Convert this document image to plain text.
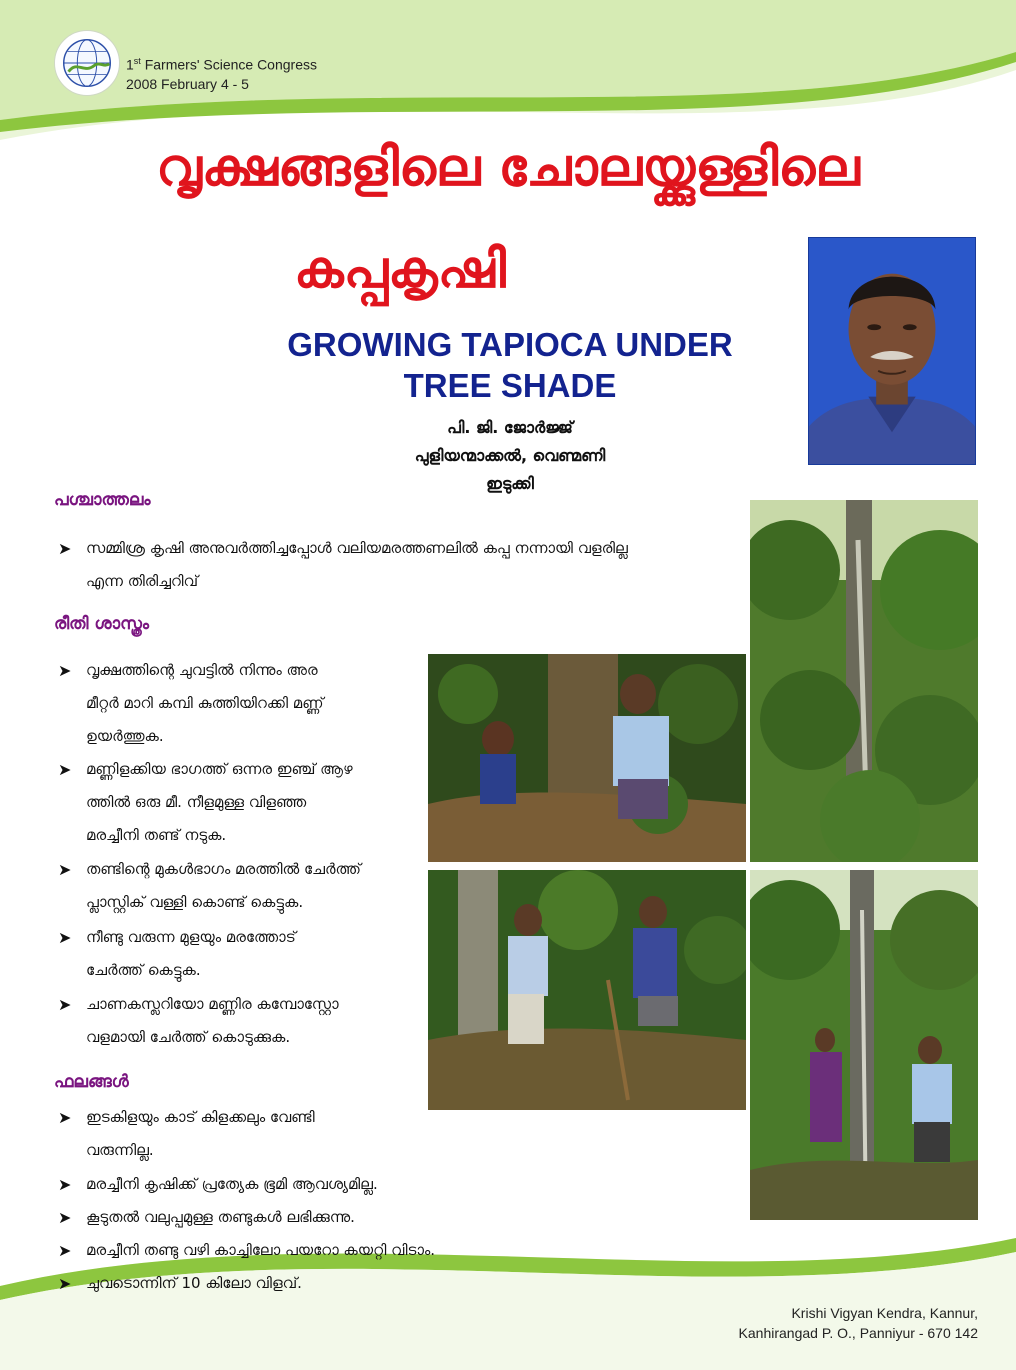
1st Farmers' Science Congress
2008 February 4 - 5
വൃക്ഷങ്ങളിലെ ചോലയ്ക്കുള്ളിലെ
കപ്പകൃഷി
GROWING TAPIOCA UNDER
TREE SHADE
പി. ജി. ജോർജ്ജ്
പുളിയന്മാക്കൽ, വെണ്മണി
ഇടുക്കി
പശ്ചാത്തലം
➤ സമ്മിശ്ര കൃഷി അനുവർത്തിച്ചപ്പോൾ വലിയമരത്തണലിൽ കപ്പ നന്നായി വളരില്ല
എന്ന തിരിച്ചറിവ്
രീതി ശാസ്ത്രം
➤ വൃക്ഷത്തിന്റെ ചുവട്ടിൽ നിന്നും അര
മീറ്റർ മാറി കമ്പി കുത്തിയിറക്കി മണ്ണ്
ഉയർത്തുക.
➤ മണ്ണിളക്കിയ ഭാഗത്ത് ഒന്നര ഇഞ്ച് ആഴ
ത്തിൽ ഒരു മീ. നീളമുള്ള വിളഞ്ഞ
മരച്ചീനി തണ്ട് നടുക.
➤ തണ്ടിന്റെ മുകൾഭാഗം മരത്തിൽ ചേർത്ത്
പ്ലാസ്റ്റിക് വള്ളി കൊണ്ട് കെട്ടുക.
➤ നീണ്ടു വരുന്ന മുളയും മരത്തോട്
ചേർത്ത് കെട്ടുക.
➤ ചാണകസ്ലറിയോ മണ്ണിര കമ്പോസ്റ്റോ
വളമായി ചേർത്ത് കൊടുക്കുക.
ഫലങ്ങൾ
➤ ഇടകിളയും കാട് കിളക്കലും വേണ്ടി
വരുന്നില്ല.
➤ മരച്ചീനി കൃഷിക്ക് പ്രത്യേക ഭൂമി ആവശ്യമില്ല.
➤ കൂടുതൽ വലുപ്പമുള്ള തണ്ടുകൾ ലഭിക്കുന്നു.
➤ മരച്ചീനി തണ്ടു വഴി കാച്ചിലോ പയറോ കയറ്റി വിടാം.
➤ ചുവടൊന്നിന് 10 കിലോ വിളവ്.
Krishi Vigyan Kendra, Kannur,
Kanhirangad P. O., Panniyur - 670 142
